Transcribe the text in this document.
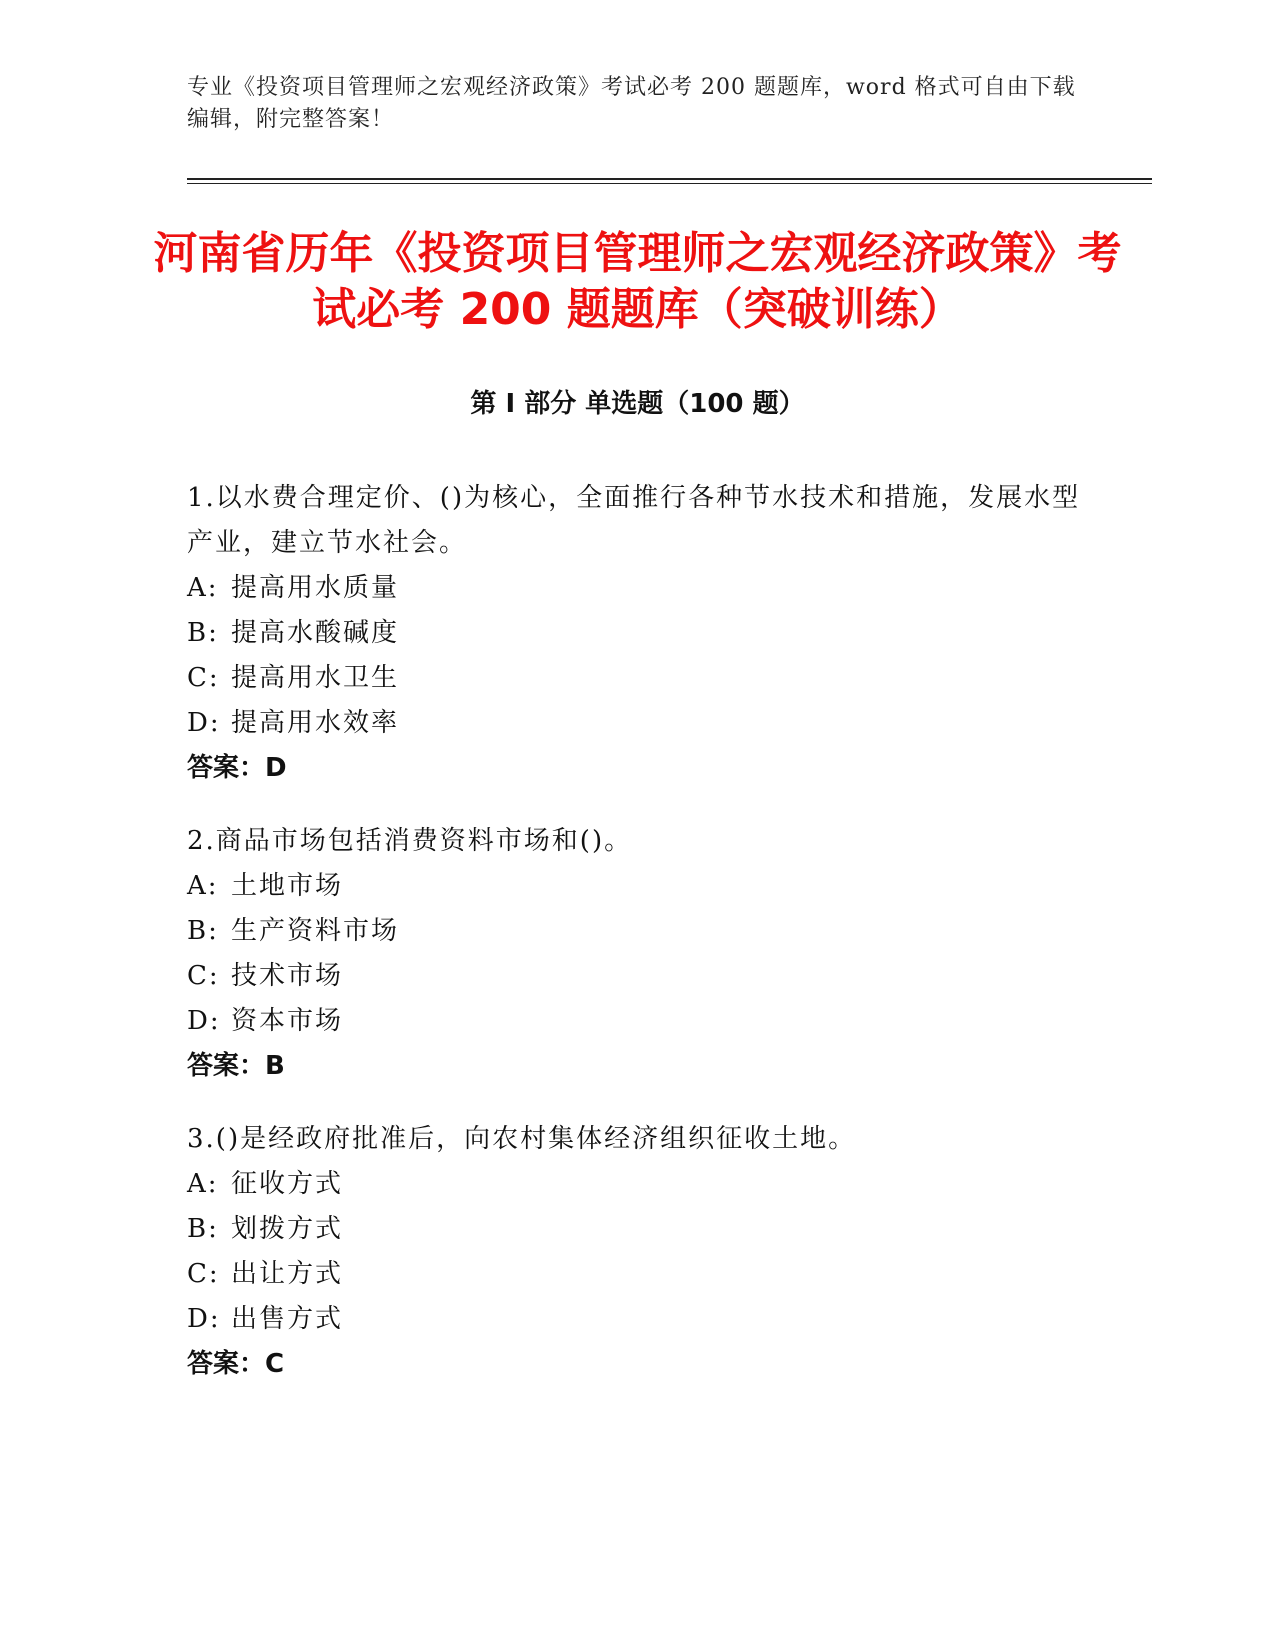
专业《投资项目管理师之宏观经济政策》考试必考 200 题题库，word 格式可自由下载编辑，附完整答案！
河南省历年《投资项目管理师之宏观经济政策》考试必考 200 题题库（突破训练）
第 I 部分 单选题（100 题）
1.以水费合理定价、()为核心，全面推行各种节水技术和措施，发展水型产业，建立节水社会。
A: 提高用水质量
B: 提高水酸碱度
C: 提高用水卫生
D: 提高用水效率
答案：D
2.商品市场包括消费资料市场和()。
A: 土地市场
B: 生产资料市场
C: 技术市场
D: 资本市场
答案：B
3.()是经政府批准后，向农村集体经济组织征收土地。
A: 征收方式
B: 划拨方式
C: 出让方式
D: 出售方式
答案：C
